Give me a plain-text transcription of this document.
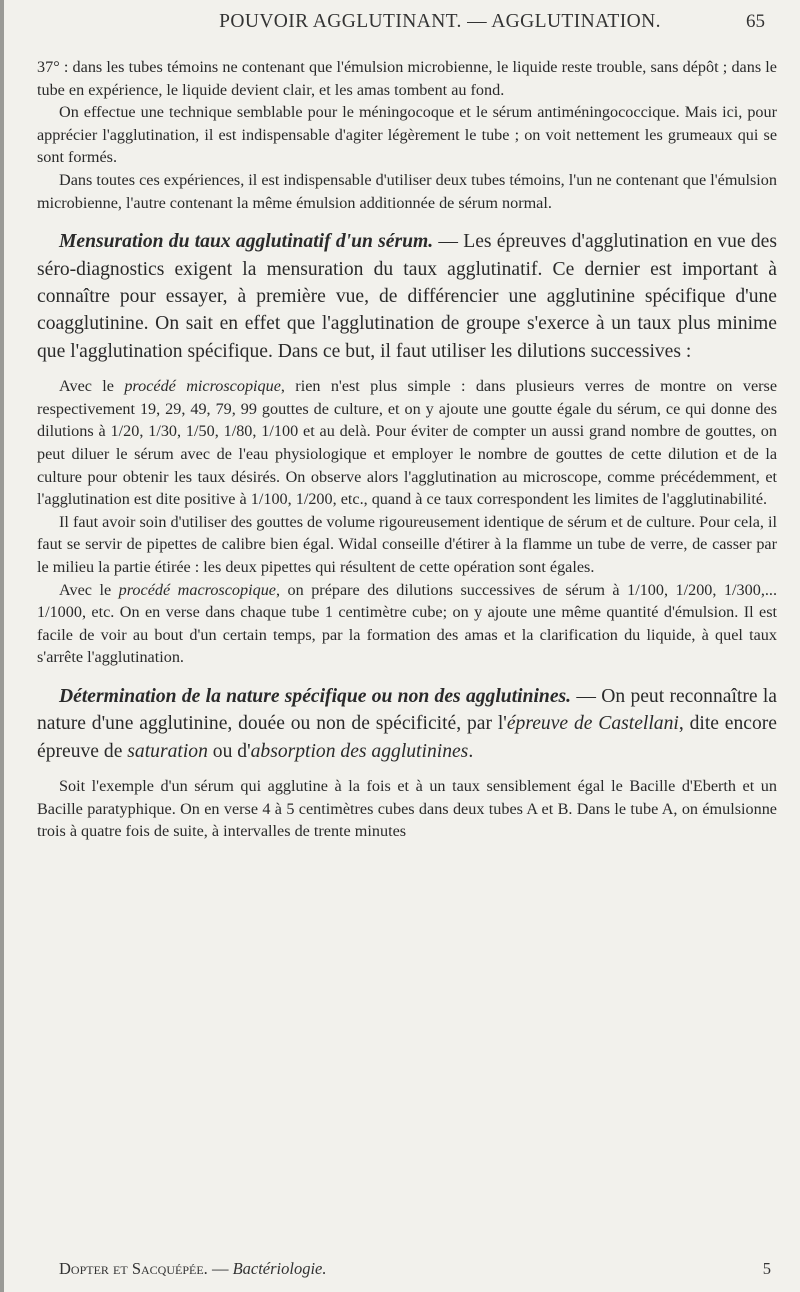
POUVOIR AGGLUTINANT. — AGGLUTINATION.	65

37° : dans les tubes témoins ne contenant que l'émulsion microbienne, le liquide reste trouble, sans dépôt ; dans le tube en expérience, le liquide devient clair, et les amas tombent au fond.

On effectue une technique semblable pour le méningocoque et le sérum antiméningococcique. Mais ici, pour apprécier l'agglutination, il est indispensable d'agiter légèrement le tube ; on voit nettement les grumeaux qui se sont formés.

Dans toutes ces expériences, il est indispensable d'utiliser deux tubes témoins, l'un ne contenant que l'émulsion microbienne, l'autre contenant la même émulsion additionnée de sérum normal.

Mensuration du taux agglutinatif d'un sérum. — Les épreuves d'agglutination en vue des séro-diagnostics exigent la mensuration du taux agglutinatif. Ce dernier est important à connaître pour essayer, à première vue, de différencier une agglutinine spécifique d'une coagglutinine. On sait en effet que l'agglutination de groupe s'exerce à un taux plus minime que l'agglutination spécifique. Dans ce but, il faut utiliser les dilutions successives :

Avec le procédé microscopique, rien n'est plus simple : dans plusieurs verres de montre on verse respectivement 19, 29, 49, 79, 99 gouttes de culture, et on y ajoute une goutte égale du sérum, ce qui donne des dilutions à 1/20, 1/30, 1/50, 1/80, 1/100 et au delà. Pour éviter de compter un aussi grand nombre de gouttes, on peut diluer le sérum avec de l'eau physiologique et employer le nombre de gouttes de cette dilution et de la culture pour obtenir les taux désirés. On observe alors l'agglutination au microscope, comme précédemment, et l'agglutination est dite positive à 1/100, 1/200, etc., quand à ce taux correspondent les limites de l'agglutinabilité.

Il faut avoir soin d'utiliser des gouttes de volume rigoureusement identique de sérum et de culture. Pour cela, il faut se servir de pipettes de calibre bien égal. Widal conseille d'étirer à la flamme un tube de verre, de casser par le milieu la partie étirée : les deux pipettes qui résultent de cette opération sont égales.

Avec le procédé macroscopique, on prépare des dilutions successives de sérum à 1/100, 1/200, 1/300,... 1/1000, etc. On en verse dans chaque tube 1 centimètre cube; on y ajoute une même quantité d'émulsion. Il est facile de voir au bout d'un certain temps, par la formation des amas et la clarification du liquide, à quel taux s'arrête l'agglutination.

Détermination de la nature spécifique ou non des agglutinines. — On peut reconnaître la nature d'une agglutinine, douée ou non de spécificité, par l'épreuve de Castellani, dite encore épreuve de saturation ou d'absorption des agglutinines.

Soit l'exemple d'un sérum qui agglutine à la fois et à un taux sensiblement égal le Bacille d'Eberth et un Bacille paratyphique. On en verse 4 à 5 centimètres cubes dans deux tubes A et B. Dans le tube A, on émulsionne trois à quatre fois de suite, à intervalles de trente minutes

Dopter et Sacquépée. — Bactériologie.	5
